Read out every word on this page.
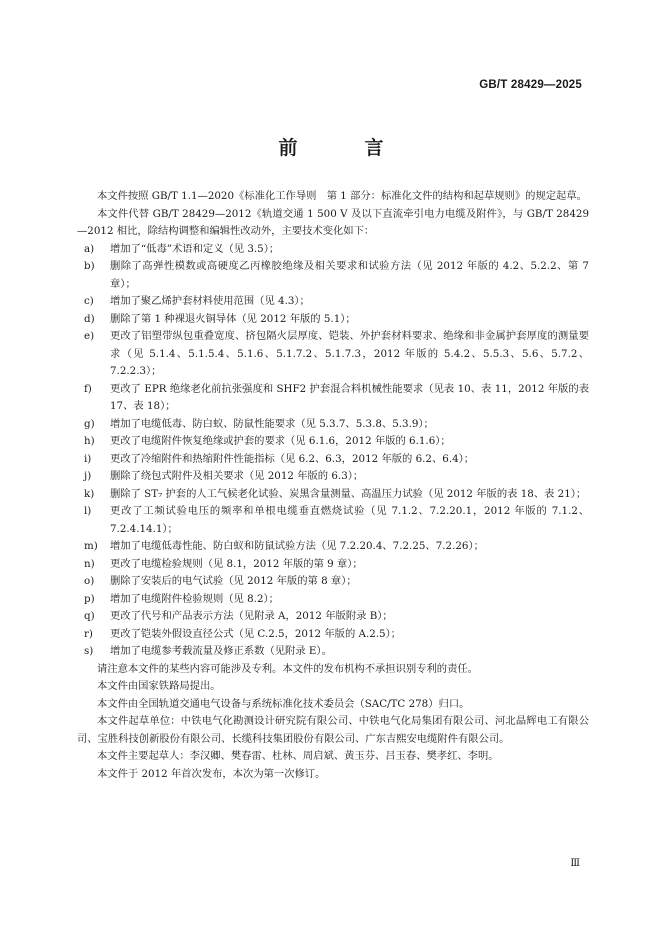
GB/T 28429—2025
前　言

本文件按照 GB/T 1.1—2020《标准化工作导则　第 1 部分：标准化文件的结构和起草规则》的规定起草。

本文件代替 GB/T 28429—2012《轨道交通 1 500 V 及以下直流牵引电力电缆及附件》，与 GB/T 28429—2012 相比，除结构调整和编辑性改动外，主要技术变化如下：

a)	增加了“低毒”术语和定义（见 3.5）；
b)	删除了高弹性模数或高硬度乙丙橡胶绝缘及相关要求和试验方法（见 2012 年版的 4.2、5.2.2、第 7 章）；
c)	增加了聚乙烯护套材料使用范围（见 4.3）；
d)	删除了第 1 种裸退火铜导体（见 2012 年版的 5.1）；
e)	更改了铝塑带纵包重叠宽度、挤包隔火层厚度、铠装、外护套材料要求、绝缘和非金属护套厚度的测量要求（见 5.1.4、5.1.5.4、5.1.6、5.1.7.2、5.1.7.3，2012 年版的 5.4.2、5.5.3、5.6、5.7.2、7.2.2.3）；
f)	更改了 EPR 绝缘老化前抗张强度和 SHF2 护套混合料机械性能要求（见表 10、表 11，2012 年版的表 17、表 18）；
g)	增加了电缆低毒、防白蚁、防鼠性能要求（见 5.3.7、5.3.8、5.3.9）；
h)	更改了电缆附件恢复绝缘或护套的要求（见 6.1.6，2012 年版的 6.1.6）；
i)	更改了冷缩附件和热缩附件性能指标（见 6.2、6.3，2012 年版的 6.2、6.4）；
j)	删除了绕包式附件及相关要求（见 2012 年版的 6.3）；
k)	删除了 ST₇ 护套的人工气候老化试验、炭黑含量测量、高温压力试验（见 2012 年版的表 18、表 21）；
l)	更改了工频试验电压的频率和单根电缆垂直燃烧试验（见 7.1.2、7.2.20.1，2012 年版的 7.1.2、7.2.4.14.1）；
m)	增加了电缆低毒性能、防白蚁和防鼠试验方法（见 7.2.20.4、7.2.25、7.2.26）；
n)	更改了电缆检验规则（见 8.1，2012 年版的第 9 章）；
o)	删除了安装后的电气试验（见 2012 年版的第 8 章）；
p)	增加了电缆附件检验规则（见 8.2）；
q)	更改了代号和产品表示方法（见附录 A，2012 年版附录 B）；
r)	更改了铠装外假设直径公式（见 C.2.5，2012 年版的 A.2.5）；
s)	增加了电缆参考载流量及修正系数（见附录 E）。

请注意本文件的某些内容可能涉及专利。本文件的发布机构不承担识别专利的责任。

本文件由国家铁路局提出。

本文件由全国轨道交通电气设备与系统标准化技术委员会（SAC/TC 278）归口。

本文件起草单位：中铁电气化勘测设计研究院有限公司、中铁电气化局集团有限公司、河北晶辉电工有限公司、宝胜科技创新股份有限公司、长缆科技集团股份有限公司、广东吉熙安电缆附件有限公司。

本文件主要起草人：李汉卿、樊春雷、杜林、周启斌、黄玉芬、吕玉春、樊孝红、李明。

本文件于 2012 年首次发布，本次为第一次修订。

Ⅲ
